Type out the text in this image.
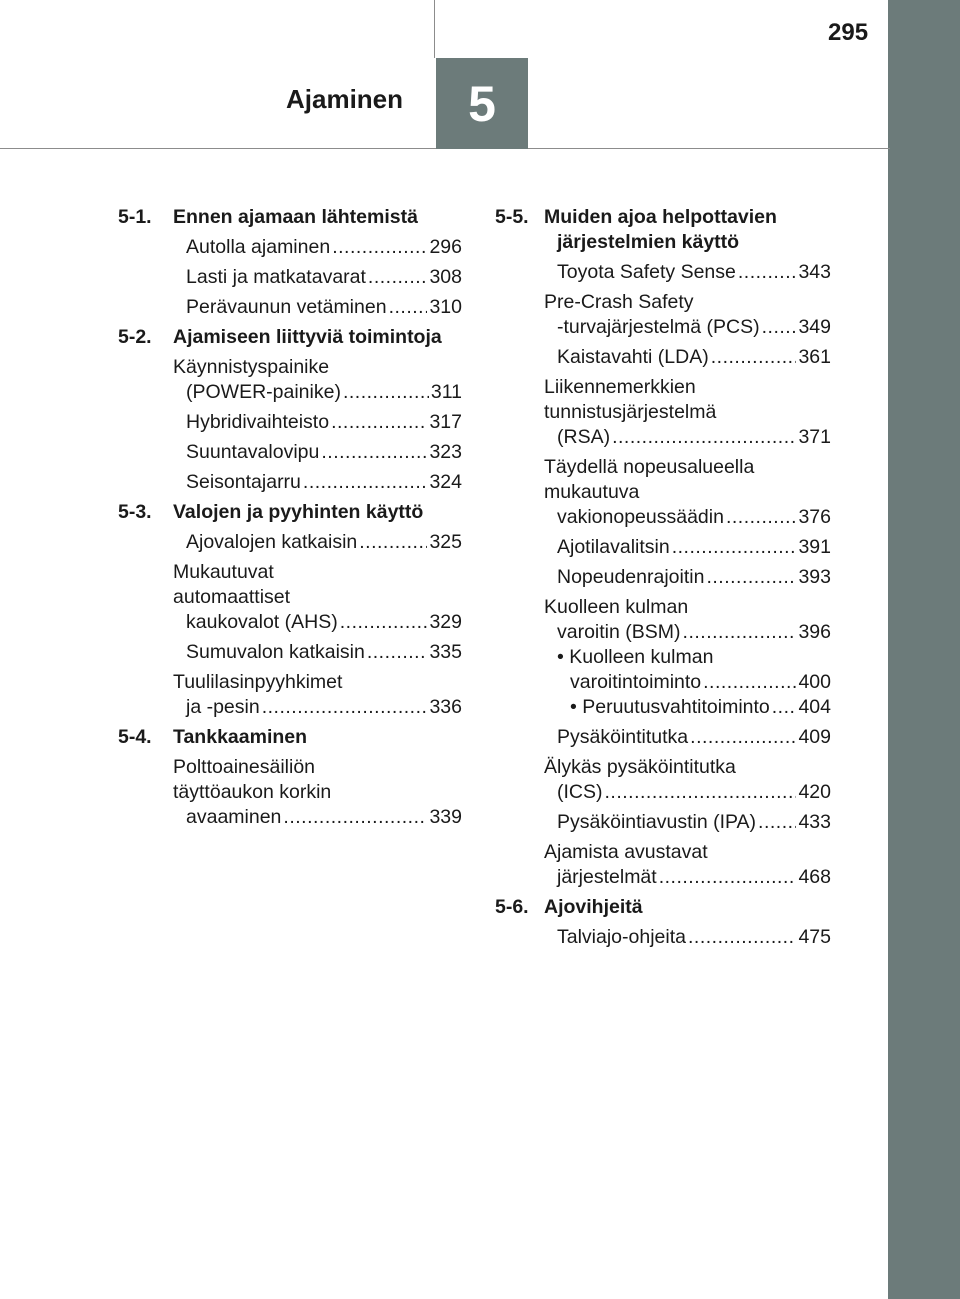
5
Ajaminen
295
5-1.	Ennen ajamaan lähtemistä
Autolla ajaminen .....	296
Lasti ja matkatavarat .....	308
Perävaunun vetäminen ..... 310
5-2.	Ajamiseen liittyviä toimintoja
Käynnistyspainike
(POWER-painike) .....	311
Hybridivaihteisto .....	317
Suuntavalovipu .....	323
Seisontajarru .....	324
5-3.	Valojen ja pyyhinten käyttö
Ajovalojen katkaisin .....	325
Mukautuvat
automaattiset
kaukovalot (AHS) .....	329
Sumuvalon katkaisin .....	335
Tuulilasinpyyhkimet
ja -pesin .....	336
5-4.	Tankkaaminen
Polttoainesäiliön
täyttöaukon korkin
avaaminen .....	339
5-5. Muiden ajoa helpottavien järjestelmien käyttö
Toyota Safety Sense .....	343
Pre-Crash Safety
-turvajärjestelmä (PCS) ..... 349
Kaistavahti (LDA) .....	361
Liikennemerkkien
tunnistusjärjestelmä
(RSA) .....	371
Täydellä nopeusalueella
mukautuva
vakionopeussäädin .....	376
Ajotilavalitsin .....	391
Nopeudenrajoitin .....	393
Kuolleen kulman
varoitin (BSM) .....	396
• Kuolleen kulman
varoitintoiminto .....	400
• Peruutusvahtitoiminto ..... 404
Pysäköintitutka .....	409
Älykäs pysäköintitutka
(ICS) .....	420
Pysäköintiavustin (IPA) ..... 433
Ajamista avustavat
järjestelmät .....	468
5-6. Ajovihjeitä
Talviajo-ohjeita .....	475
